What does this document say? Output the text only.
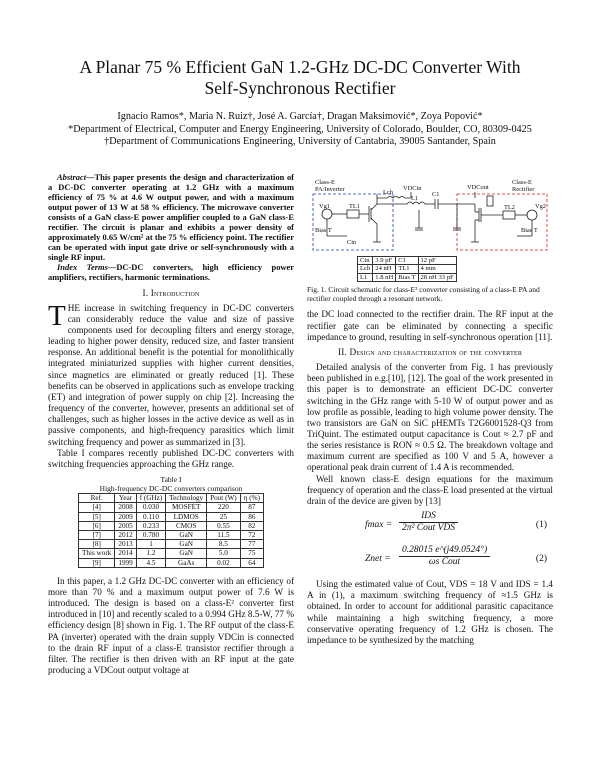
A Planar 75 % Efficient GaN 1.2-GHz DC-DC Converter With
Self-Synchronous Rectifier
Ignacio Ramos*, Maria N. Ruiz†, José A. García†, Dragan Maksimović*, Zoya Popović*
*Department of Electrical, Computer and Energy Engineering, University of Colorado, Boulder, CO, 80309-0425
†Department of Communications Engineering, University of Cantabria, 39005 Santander, Spain

Abstract—This paper presents the design and characterization of a DC-DC converter operating at 1.2 GHz with a maximum efficiency of 75 % at 4.6 W output power, and with a maximum output power of 13 W at 58 % efficiency. The microwave converter consists of a GaN class-E power amplifier coupled to a GaN class-E rectifier. The circuit is planar and exhibits a power density of approximately 0.65 W/cm² at the 75 % efficiency point. The rectifier can be operated with input gate drive or self-synchronously with a single RF input.

Index Terms—DC-DC converters, high efficiency power amplifiers, rectifiers, harmonic terminations.

I. Introduction

THE increase in switching frequency in DC-DC converters can considerably reduce the value and size of passive components used for decoupling filters and energy storage, leading to higher power density, reduced size, and faster transient response. An additional benefit is the potential for monolithically integrated miniaturized supplies with higher current densities, since magnetics are eliminated or greatly reduced [1]. These benefits can be observed in applications such as envelope tracking (ET) and integration of power supply on chip [2]. Increasing the frequency of the converter, however, presents an additional set of challenges, such as higher losses in the active device as well as in passive components, and high-frequency parasitics which limit switching frequency and power as summarized in [3].

Table I compares recently published DC-DC converters with switching frequencies approaching the GHz range.

Table I
High-frequency DC-DC converters comparison
Ref.	Year	f (GHz)	Technology	Pout (W)	η (%)
[4]	2008	0.030	MOSFET	220	87
[5]	2009	0.110	LDMOS	25	86
[6]	2005	0.233	CMOS	0.55	82
[7]	2012	0.780	GaN	11.5	72
[8]	2013	1	GaN	8.5	77
This work	2014	1.2	GaN	5.0	75
[9]	1999	4.5	GaAs	0.02	64

In this paper, a 1.2 GHz DC-DC converter with an efficiency of more than 70 % and a maximum output power of 7.6 W is introduced. The design is based on a class-E² converter first introduced in [10] and recently scaled to a 0.994 GHz 8.5-W, 77 % efficiency design [8] shown in Fig. 1. The RF output of the class-E PA (inverter) operated with the drain supply VDCin is connected to the drain RF input of a class-E transistor rectifier through a filter. The rectifier is then driven with an RF input at the gate producing a VDCout output voltage at

Class-E
PA/Inverter
Class-E
Rectifier
VDCin	VDCout
Vg1	Vg2
TL1	TL2
Lch
L1
C1
Cin
Bias T	Bias T
Cin	3.9 pF	C1	12 pF
Lch	24 nH	TL1	4 mm
L1	1.8 nH	Bias T	28 nH 33 pF
Fig. 1. Circuit schematic for class-E² converter consisting of a class-E PA and rectifier coupled through a resonant network.

the DC load connected to the rectifier drain. The RF input at the rectifier gate can be eliminated by connecting a specific impedance to ground, resulting in self-synchronous operation [11].

II. Design and characterization of the converter

Detailed analysis of the converter from Fig. 1 has previously been published in e.g.[10], [12]. The goal of the work presented in this paper is to demonstrate an efficient DC-DC converter switching in the GHz range with 5-10 W of output power and as low profile as possible, leading to high volume power density. The two transistors are GaN on SiC pHEMTs T2G6001528-Q3 from TriQuint. The estimated output capacitance is Cout ≈ 2.7 pF and the series resistance is RON ≈ 0.5 Ω. The breakdown voltage and maximum current are specified as 100 V and 5 A, however a operational peak drain current of 1.4 A is recommended.

Well known class-E design equations for the maximum frequency of operation and the class-E load presented at the virtual drain of the device are given by [13]

fmax =
IDS
2π² Cout VDS	(1)
Znet =
0.28015 e^(j49.0524°)
ωs Cout	(2)

Using the estimated value of Cout, VDS = 18 V and IDS = 1.4 A in (1), a maximum switching frequency of ≈1.5 GHz is obtained. In order to account for additional parasitic capacitance while maintaining a high switching frequency, a more conservative operating frequency of 1.2 GHz is chosen. The impedance to be synthesized by the matching
